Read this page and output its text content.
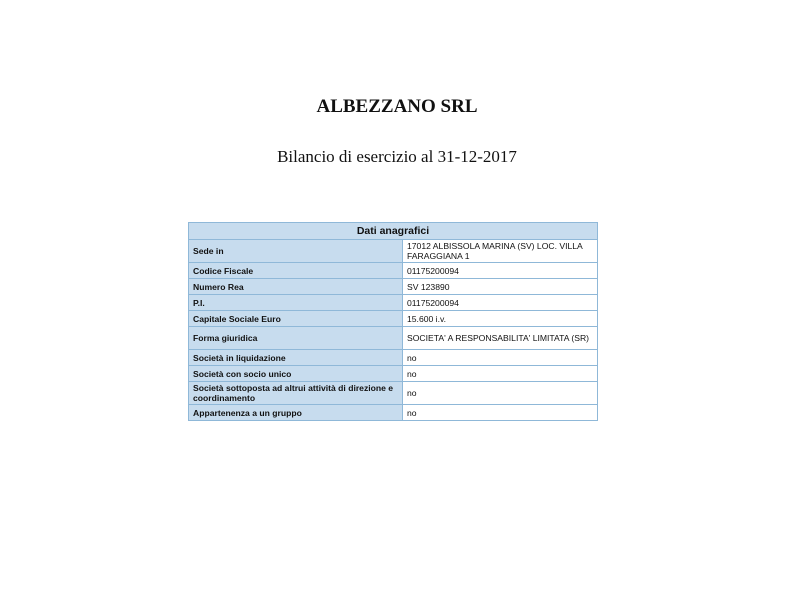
ALBEZZANO SRL
Bilancio di esercizio al 31-12-2017
Dati anagrafici	
Sede in	17012 ALBISSOLA MARINA (SV) LOC. VILLA FARAGGIANA 1
Codice Fiscale	01175200094
Numero Rea	SV 123890
P.I.	01175200094
Capitale Sociale Euro	15.600 i.v.
Forma giuridica	SOCIETA' A RESPONSABILITA' LIMITATA (SR)
Società in liquidazione	no
Società con socio unico	no
Società sottoposta ad altrui attività di direzione e coordinamento	no
Appartenenza a un gruppo	no
